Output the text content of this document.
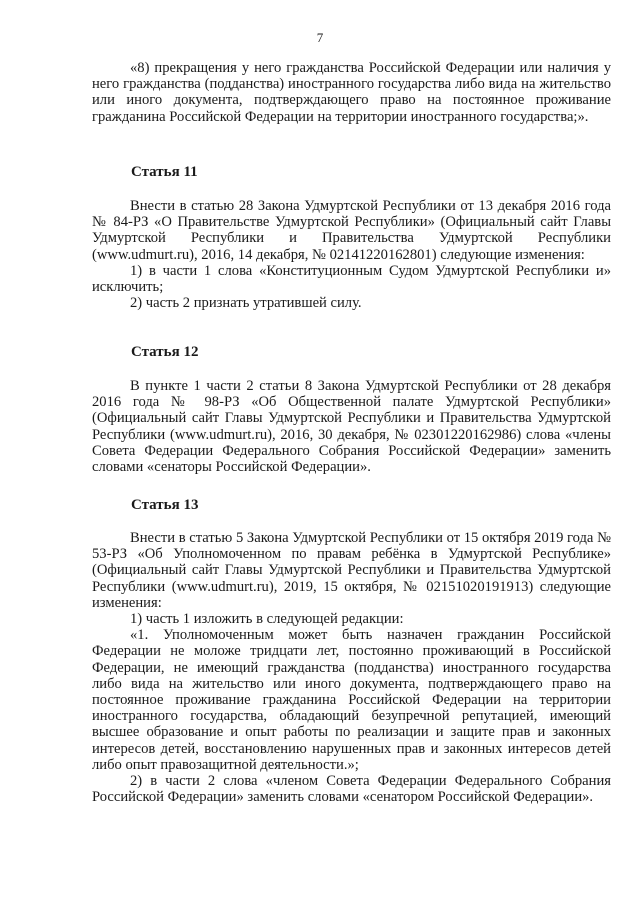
7

«8) прекращения у него гражданства Российской Федерации или наличия у него гражданства (подданства) иностранного государства либо вида на жительство или иного документа, подтверждающего право на постоянное проживание гражданина Российской Федерации на территории иностранного государства;».

Статья 11

Внести в статью 28 Закона Удмуртской Республики от 13 декабря 2016 года № 84-РЗ «О Правительстве Удмуртской Республики» (Официальный сайт Главы Удмуртской Республики и Правительства Удмуртской Республики (www.udmurt.ru), 2016, 14 декабря, № 02141220162801) следующие изменения:

1) в части 1 слова «Конституционным Судом Удмуртской Республики и» исключить;

2) часть 2 признать утратившей силу.

Статья 12

В пункте 1 части 2 статьи 8 Закона Удмуртской Республики от 28 декабря 2016 года № 98-РЗ «Об Общественной палате Удмуртской Республики» (Официальный сайт Главы Удмуртской Республики и Правительства Удмуртской Республики (www.udmurt.ru), 2016, 30 декабря, № 02301220162986) слова «члены Совета Федерации Федерального Собрания Российской Федерации» заменить словами «сенаторы Российской Федерации».

Статья 13

Внести в статью 5 Закона Удмуртской Республики от 15 октября 2019 года № 53-РЗ «Об Уполномоченном по правам ребёнка в Удмуртской Республике» (Официальный сайт Главы Удмуртской Республики и Правительства Удмуртской Республики (www.udmurt.ru), 2019, 15 октября, № 02151020191913) следующие изменения:

1) часть 1 изложить в следующей редакции:

«1. Уполномоченным может быть назначен гражданин Российской Федерации не моложе тридцати лет, постоянно проживающий в Российской Федерации, не имеющий гражданства (подданства) иностранного государства либо вида на жительство или иного документа, подтверждающего право на постоянное проживание гражданина Российской Федерации на территории иностранного государства, обладающий безупречной репутацией, имеющий высшее образование и опыт работы по реализации и защите прав и законных интересов детей, восстановлению нарушенных прав и законных интересов детей либо опыт правозащитной деятельности.»;

2) в части 2 слова «членом Совета Федерации Федерального Собрания Российской Федерации» заменить словами «сенатором Российской Федерации».
